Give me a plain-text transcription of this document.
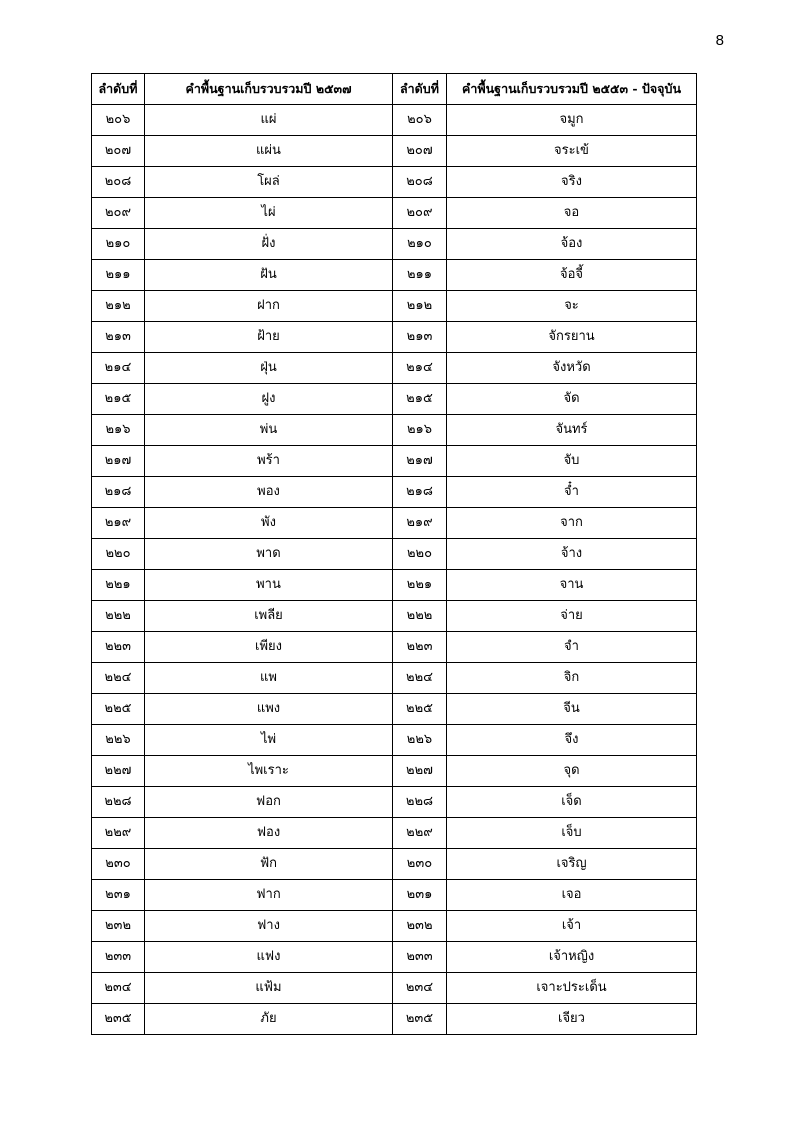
8
ลำดับที่	คำพื้นฐานเก็บรวบรวมปี ๒๕๓๗	ลำดับที่	คำพื้นฐานเก็บรวบรวมปี ๒๕๕๓ - ปัจจุบัน
๒๐๖	แผ่	๒๐๖	จมูก
๒๐๗	แผ่น	๒๐๗	จระเข้
๒๐๘	โผล่	๒๐๘	จริง
๒๐๙	ไผ่	๒๐๙	จอ
๒๑๐	ฝั่ง	๒๑๐	จ้อง
๒๑๑	ฝัน	๒๑๑	จ้อจี้
๒๑๒	ฝาก	๒๑๒	จะ
๒๑๓	ฝ้าย	๒๑๓	จักรยาน
๒๑๔	ฝุ่น	๒๑๔	จังหวัด
๒๑๕	ฝูง	๒๑๕	จัด
๒๑๖	พ่น	๒๑๖	จันทร์
๒๑๗	พร้า	๒๑๗	จับ
๒๑๘	พอง	๒๑๘	จ๋ำ
๒๑๙	พัง	๒๑๙	จาก
๒๒๐	พาด	๒๒๐	จ้าง
๒๒๑	พาน	๒๒๑	จาน
๒๒๒	เพลีย	๒๒๒	จ่าย
๒๒๓	เพียง	๒๒๓	จำ
๒๒๔	แพ	๒๒๔	จิก
๒๒๕	แพง	๒๒๕	จีน
๒๒๖	ไพ่	๒๒๖	จึง
๒๒๗	ไพเราะ	๒๒๗	จุด
๒๒๘	ฟอก	๒๒๘	เจ็ด
๒๒๙	ฟอง	๒๒๙	เจ็บ
๒๓๐	ฟัก	๒๓๐	เจริญ
๒๓๑	ฟาก	๒๓๑	เจอ
๒๓๒	ฟาง	๒๓๒	เจ้า
๒๓๓	แฟง	๒๓๓	เจ้าหญิง
๒๓๔	แฟ้ม	๒๓๔	เจาะประเด็น
๒๓๕	ภัย	๒๓๕	เจียว
